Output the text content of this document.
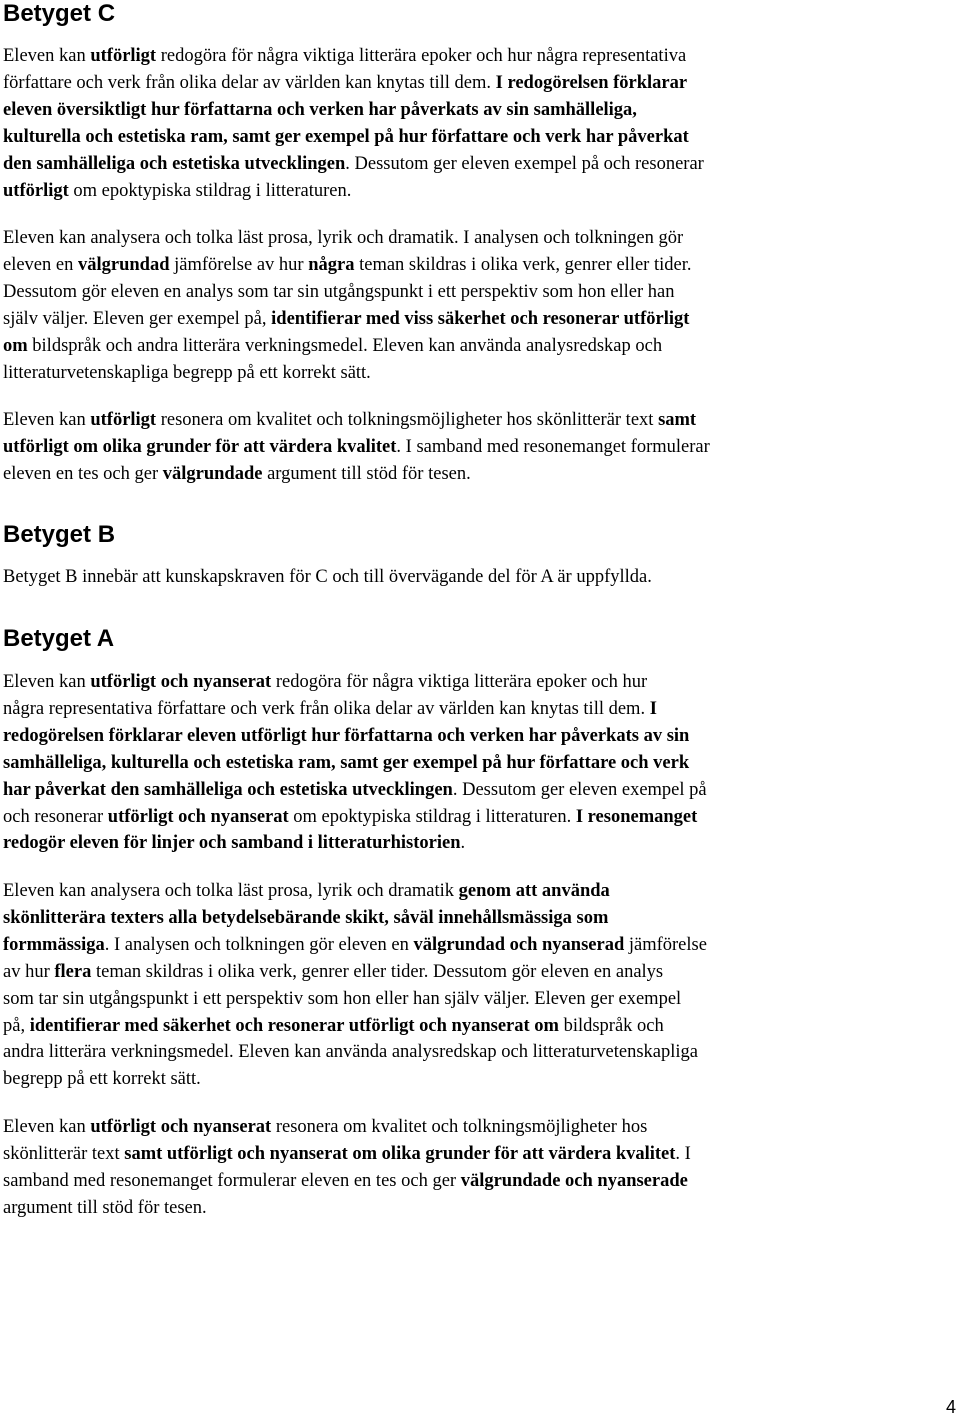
Betyget C

Eleven kan utförligt redogöra för några viktiga litterära epoker och hur några representativa
författare och verk från olika delar av världen kan knytas till dem. I redogörelsen förklarar
eleven översiktligt hur författarna och verken har påverkats av sin samhälleliga,
kulturella och estetiska ram, samt ger exempel på hur författare och verk har påverkat
den samhälleliga och estetiska utvecklingen. Dessutom ger eleven exempel på och resonerar
utförligt om epoktypiska stildrag i litteraturen.

Eleven kan analysera och tolka läst prosa, lyrik och dramatik. I analysen och tolkningen gör
eleven en välgrundad jämförelse av hur några teman skildras i olika verk, genrer eller tider.
Dessutom gör eleven en analys som tar sin utgångspunkt i ett perspektiv som hon eller han
själv väljer. Eleven ger exempel på, identifierar med viss säkerhet och resonerar utförligt
om bildspråk och andra litterära verkningsmedel. Eleven kan använda analysredskap och
litteraturvetenskapliga begrepp på ett korrekt sätt.

Eleven kan utförligt resonera om kvalitet och tolkningsmöjligheter hos skönlitterär text samt
utförligt om olika grunder för att värdera kvalitet. I samband med resonemanget formulerar
eleven en tes och ger välgrundade argument till stöd för tesen.

Betyget B

Betyget B innebär att kunskapskraven för C och till övervägande del för A är uppfyllda.

Betyget A

Eleven kan utförligt och nyanserat redogöra för några viktiga litterära epoker och hur
några representativa författare och verk från olika delar av världen kan knytas till dem. I
redogörelsen förklarar eleven utförligt hur författarna och verken har påverkats av sin
samhälleliga, kulturella och estetiska ram, samt ger exempel på hur författare och verk
har påverkat den samhälleliga och estetiska utvecklingen. Dessutom ger eleven exempel på
och resonerar utförligt och nyanserat om epoktypiska stildrag i litteraturen. I resonemanget
redogör eleven för linjer och samband i litteraturhistorien.

Eleven kan analysera och tolka läst prosa, lyrik och dramatik genom att använda
skönlitterära texters alla betydelsebärande skikt, såväl innehållsmässiga som
formmässiga. I analysen och tolkningen gör eleven en välgrundad och nyanserad jämförelse
av hur flera teman skildras i olika verk, genrer eller tider. Dessutom gör eleven en analys
som tar sin utgångspunkt i ett perspektiv som hon eller han själv väljer. Eleven ger exempel
på, identifierar med säkerhet och resonerar utförligt och nyanserat om bildspråk och
andra litterära verkningsmedel. Eleven kan använda analysredskap och litteraturvetenskapliga
begrepp på ett korrekt sätt.

Eleven kan utförligt och nyanserat resonera om kvalitet och tolkningsmöjligheter hos
skönlitterär text samt utförligt och nyanserat om olika grunder för att värdera kvalitet. I
samband med resonemanget formulerar eleven en tes och ger välgrundade och nyanserade
argument till stöd för tesen.

4
